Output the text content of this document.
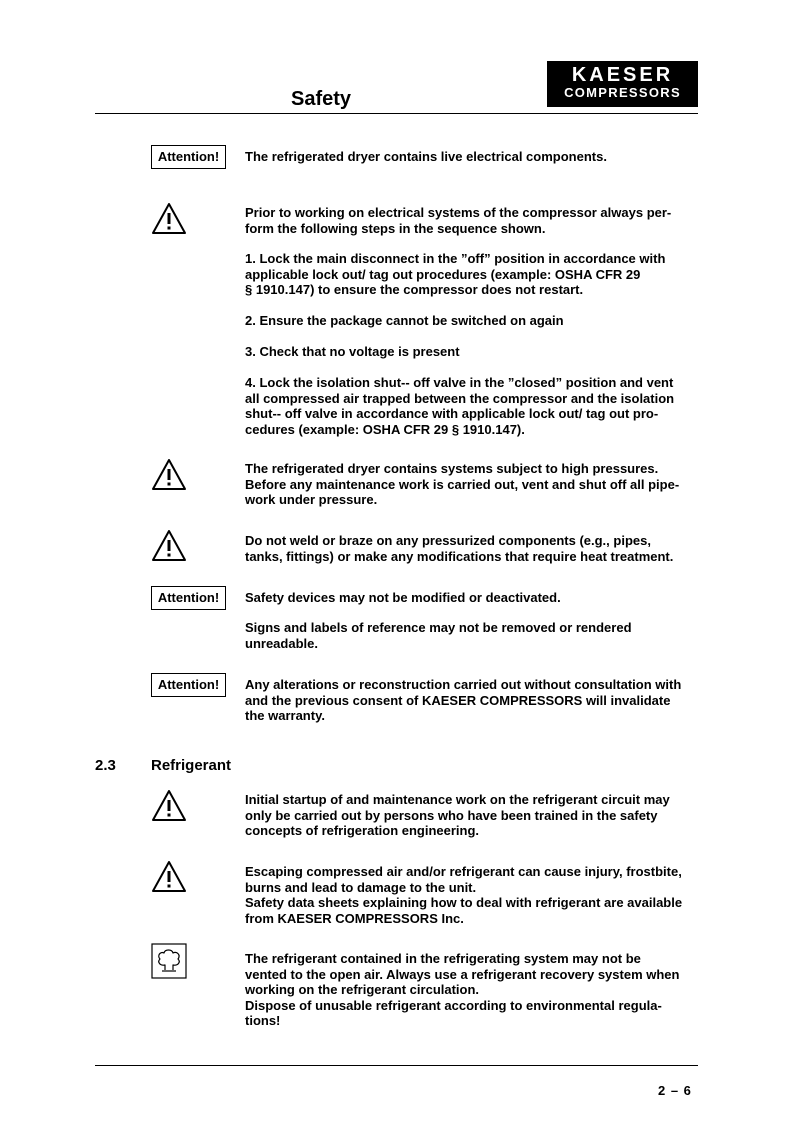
Safety
KAESER
COMPRESSORS
Attention!	The refrigerated dryer contains live electrical components.

Prior to working on electrical systems of the compressor always per-
form the following steps in the sequence shown.

1. Lock the main disconnect in the ”off” position in accordance with
applicable lock out/ tag out procedures (example: OSHA CFR 29
§ 1910.147) to ensure the compressor does not restart.

2. Ensure the package cannot be switched on again

3. Check that no voltage is present

4. Lock the isolation shut-- off valve in the ”closed” position and vent
all compressed air trapped between the compressor and the isolation
shut-- off valve in accordance with applicable lock out/ tag out pro-
cedures (example: OSHA CFR 29 § 1910.147).

The refrigerated dryer contains systems subject to high pressures.
Before any maintenance work is carried out, vent and shut off all pipe-
work under pressure.

Do not weld or braze on any pressurized components (e.g., pipes,
tanks, fittings) or make any modifications that require heat treatment.

Attention!	Safety devices may not be modified or deactivated.

Signs and labels of reference may not be removed or rendered
unreadable.

Attention!	Any alterations or reconstruction carried out without consultation with
and the previous consent of KAESER COMPRESSORS will invalidate
the warranty.

2.3 Refrigerant

Initial startup of and maintenance work on the refrigerant circuit may
only be carried out by persons who have been trained in the safety
concepts of refrigeration engineering.

Escaping compressed air and/or refrigerant can cause injury, frostbite,
burns and lead to damage to the unit.
Safety data sheets explaining how to deal with refrigerant are available
from KAESER COMPRESSORS Inc.

The refrigerant contained in the refrigerating system may not be
vented to the open air. Always use a refrigerant recovery system when
working on the refrigerant circulation.
Dispose of unusable refrigerant according to environmental regula-
tions!

2 – 6
